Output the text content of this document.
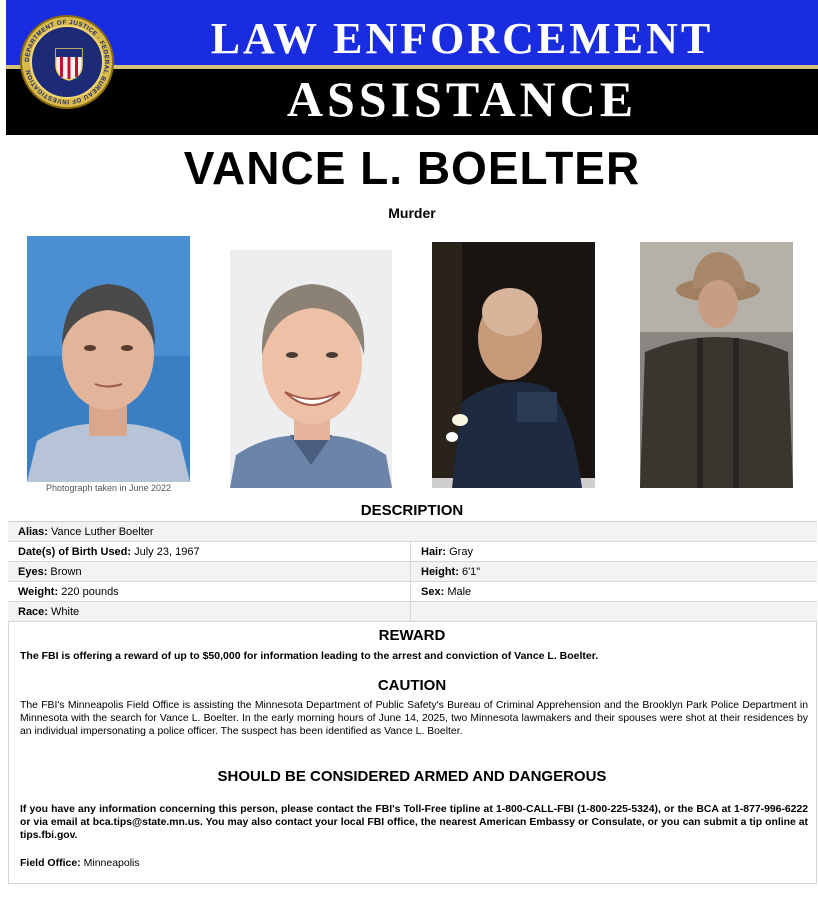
DEPARTMENT OF JUSTICE · FEDERAL BUREAU OF INVESTIGATION
LAW ENFORCEMENT
ASSISTANCE
VANCE L. BOELTER
Murder
Photograph taken in June 2022
DESCRIPTION
Alias: Vance Luther Boelter
Date(s) of Birth Used: July 23, 1967	Hair: Gray
Eyes: Brown	Height: 6'1"
Weight: 220 pounds	Sex: Male
Race: White
REWARD
The FBI is offering a reward of up to $50,000 for information leading to the arrest and conviction of Vance L. Boelter.
CAUTION
The FBI's Minneapolis Field Office is assisting the Minnesota Department of Public Safety's Bureau of Criminal Apprehension and the Brooklyn Park Police Department in Minnesota with the search for Vance L. Boelter. In the early morning hours of June 14, 2025, two Minnesota lawmakers and their spouses were shot at their residences by an individual impersonating a police officer. The suspect has been identified as Vance L. Boelter.
SHOULD BE CONSIDERED ARMED AND DANGEROUS
If you have any information concerning this person, please contact the FBI's Toll-Free tipline at 1-800-CALL-FBI (1-800-225-5324), or the BCA at 1-877-996-6222 or via email at bca.tips@state.mn.us. You may also contact your local FBI office, the nearest American Embassy or Consulate, or you can submit a tip online at tips.fbi.gov.
Field Office: Minneapolis
